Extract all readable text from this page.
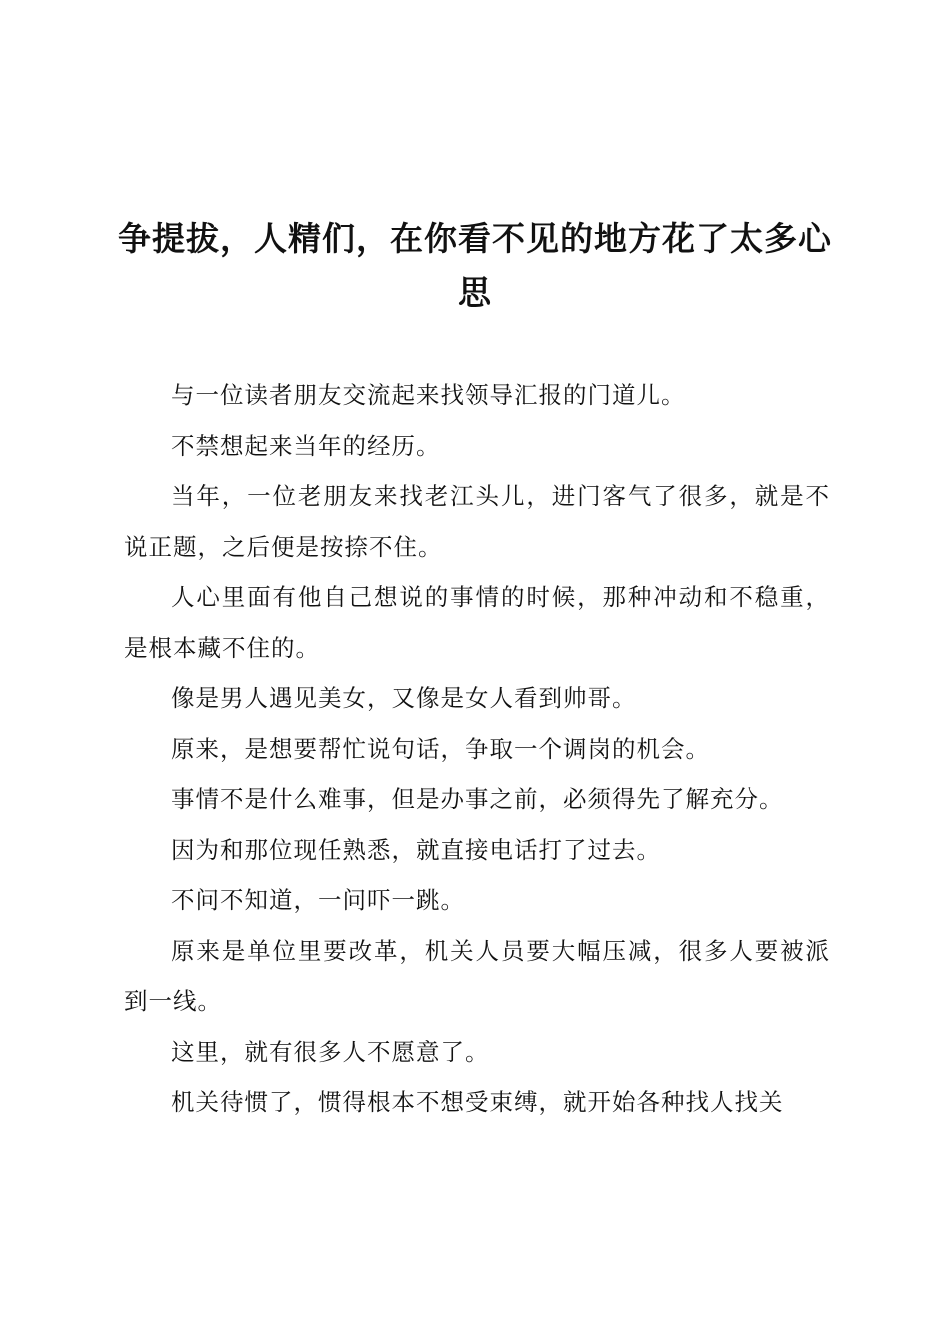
争提拔，人精们，在你看不见的地方花了太多心思

与一位读者朋友交流起来找领导汇报的门道儿。

不禁想起来当年的经历。

当年，一位老朋友来找老江头儿，进门客气了很多，就是不说正题，之后便是按捺不住。

人心里面有他自己想说的事情的时候，那种冲动和不稳重，是根本藏不住的。

像是男人遇见美女，又像是女人看到帅哥。

原来，是想要帮忙说句话，争取一个调岗的机会。

事情不是什么难事，但是办事之前，必须得先了解充分。

因为和那位现任熟悉，就直接电话打了过去。

不问不知道，一问吓一跳。

原来是单位里要改革，机关人员要大幅压减，很多人要被派到一线。

这里，就有很多人不愿意了。

机关待惯了，惯得根本不想受束缚，就开始各种找人找关
